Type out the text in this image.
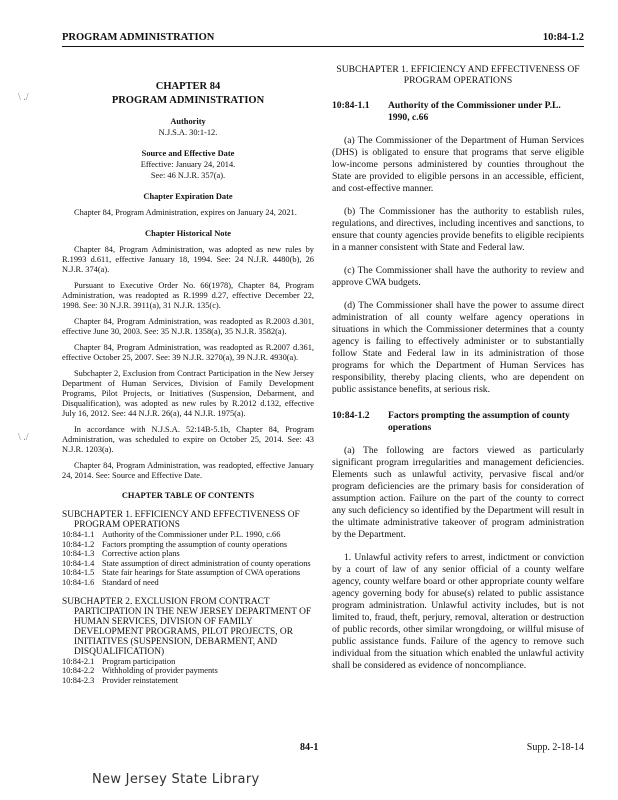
PROGRAM ADMINISTRATION	10:84-1.2
\ ./
\ ./
CHAPTER 84
PROGRAM ADMINISTRATION
Authority
N.J.S.A. 30:1-12.
Source and Effective Date
Effective: January 24, 2014.
See: 46 N.J.R. 357(a).
Chapter Expiration Date

Chapter 84, Program Administration, expires on January 24, 2021.

Chapter Historical Note

Chapter 84, Program Administration, was adopted as new rules by R.1993 d.611, effective January 18, 1994. See: 24 N.J.R. 4480(b), 26 N.J.R. 374(a).

Pursuant to Executive Order No. 66(1978), Chapter 84, Program Administration, was readopted as R.1999 d.27, effective December 22, 1998. See: 30 N.J.R. 3911(a), 31 N.J.R. 135(c).

Chapter 84, Program Administration, was readopted as R.2003 d.301, effective June 30, 2003. See: 35 N.J.R. 1358(a), 35 N.J.R. 3582(a).

Chapter 84, Program Administration, was readopted as R.2007 d.361, effective October 25, 2007. See: 39 N.J.R. 3270(a), 39 N.J.R. 4930(a).

Subchapter 2, Exclusion from Contract Participation in the New Jersey Department of Human Services, Division of Family Development Programs, Pilot Projects, or Initiatives (Suspension, Debarment, and Disqualification), was adopted as new rules by R.2012 d.132, effective July 16, 2012. See: 44 N.J.R. 26(a), 44 N.J.R. 1975(a).

In accordance with N.J.S.A. 52:14B-5.1b, Chapter 84, Program Administration, was scheduled to expire on October 25, 2014. See: 43 N.J.R. 1203(a).

Chapter 84, Program Administration, was readopted, effective January 24, 2014. See: Source and Effective Date.

CHAPTER TABLE OF CONTENTS
SUBCHAPTER 1. EFFICIENCY AND EFFECTIVENESS OF PROGRAM OPERATIONS
10:84-1.1 Authority of the Commissioner under P.L. 1990, c.66
10:84-1.2 Factors prompting the assumption of county operations
10:84-1.3 Corrective action plans
10:84-1.4 State assumption of direct administration of county operations
10:84-1.5 State fair hearings for State assumption of CWA operations
10:84-1.6 Standard of need
SUBCHAPTER 2. EXCLUSION FROM CONTRACT PARTICIPATION IN THE NEW JERSEY DEPARTMENT OF HUMAN SERVICES, DIVISION OF FAMILY DEVELOPMENT PROGRAMS, PILOT PROJECTS, OR INITIATIVES (SUSPENSION, DEBARMENT, AND DISQUALIFICATION)
10:84-2.1 Program participation
10:84-2.2 Withholding of provider payments
10:84-2.3 Provider reinstatement
SUBCHAPTER 1. EFFICIENCY AND EFFECTIVENESS OF PROGRAM OPERATIONS
10:84-1.1	Authority of the Commissioner under P.L. 1990, c.66

(a) The Commissioner of the Department of Human Services (DHS) is obligated to ensure that programs that serve eligible low-income persons administered by counties throughout the State are provided to eligible persons in an accessible, efficient, and cost-effective manner.

(b) The Commissioner has the authority to establish rules, regulations, and directives, including incentives and sanctions, to ensure that county agencies provide benefits to eligible recipients in a manner consistent with State and Federal law.

(c) The Commissioner shall have the authority to review and approve CWA budgets.

(d) The Commissioner shall have the power to assume direct administration of all county welfare agency operations in situations in which the Commissioner determines that a county agency is failing to effectively administer or to substantially follow State and Federal law in its administration of those programs for which the Department of Human Services has responsibility, thereby placing clients, who are dependent on public assistance benefits, at serious risk.

10:84-1.2	Factors prompting the assumption of county operations

(a) The following are factors viewed as particularly significant program irregularities and management deficiencies. Elements such as unlawful activity, pervasive fiscal and/or program deficiencies are the primary basis for consideration of assumption action. Failure on the part of the county to correct any such deficiency so identified by the Department will result in the ultimate administrative takeover of program administration by the Department.

1. Unlawful activity refers to arrest, indictment or conviction by a court of law of any senior official of a county welfare agency, county welfare board or other appropriate county welfare agency governing body for abuse(s) related to public assistance program administration. Unlawful activity includes, but is not limited to, fraud, theft, perjury, removal, alteration or destruction of public records, other similar wrongdoing, or willful misuse of public assistance funds. Failure of the agency to remove such individual from the situation which enabled the unlawful activity shall be considered as evidence of noncompliance.

84-1	Supp. 2-18-14
New Jersey State Library
